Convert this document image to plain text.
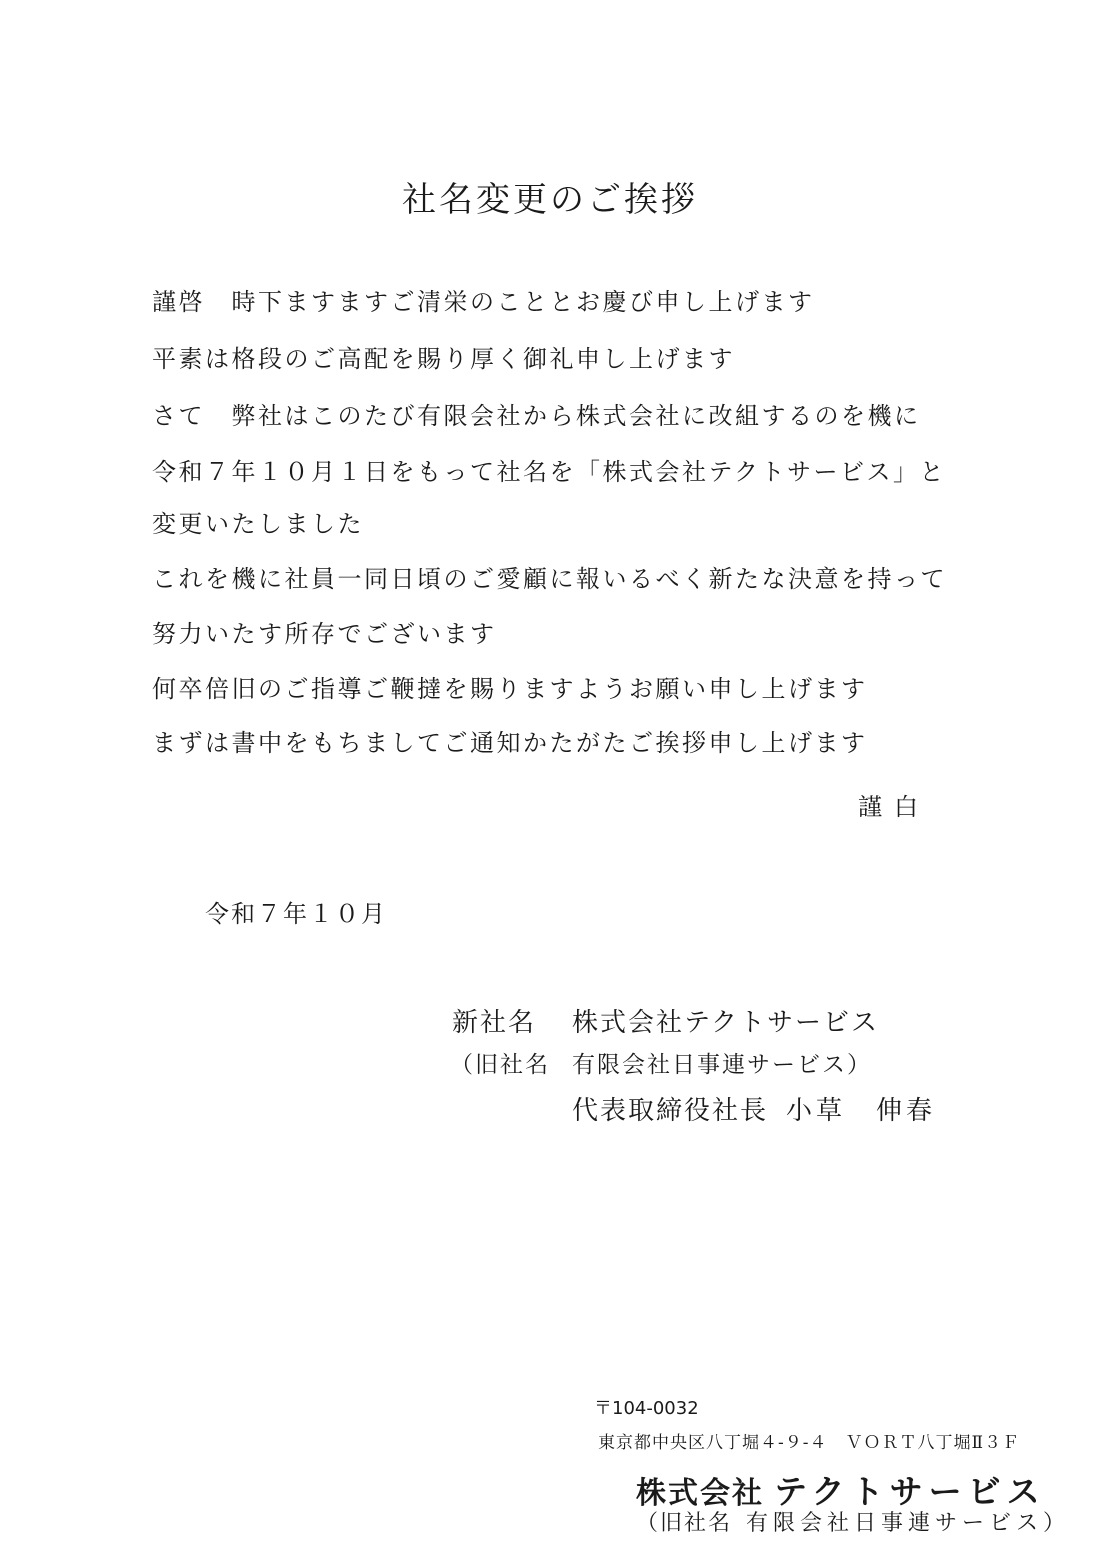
社名変更のご挨拶
謹啓　時下ますますご清栄のこととお慶び申し上げます
平素は格段のご高配を賜り厚く御礼申し上げます
さて　弊社はこのたび有限会社から株式会社に改組するのを機に
令和７年１０月１日をもって社名を「株式会社テクトサービス」と
変更いたしました
これを機に社員一同日頃のご愛顧に報いるべく新たな決意を持って
努力いたす所存でございます
何卒倍旧のご指導ご鞭撻を賜りますようお願い申し上げます
まずは書中をもちましてご通知かたがたご挨拶申し上げます
謹白
令和７年１０月
新社名 株式会社テクトサービス
（旧社名 有限会社日事連サービス）
代表取締役社長 小草 伸春
〒104-0032
東京都中央区八丁堀４-９-４　ＶＯＲＴ八丁堀Ⅱ３Ｆ
株式会社 テクトサービス
（旧社名 有限会社日事連サービス）
